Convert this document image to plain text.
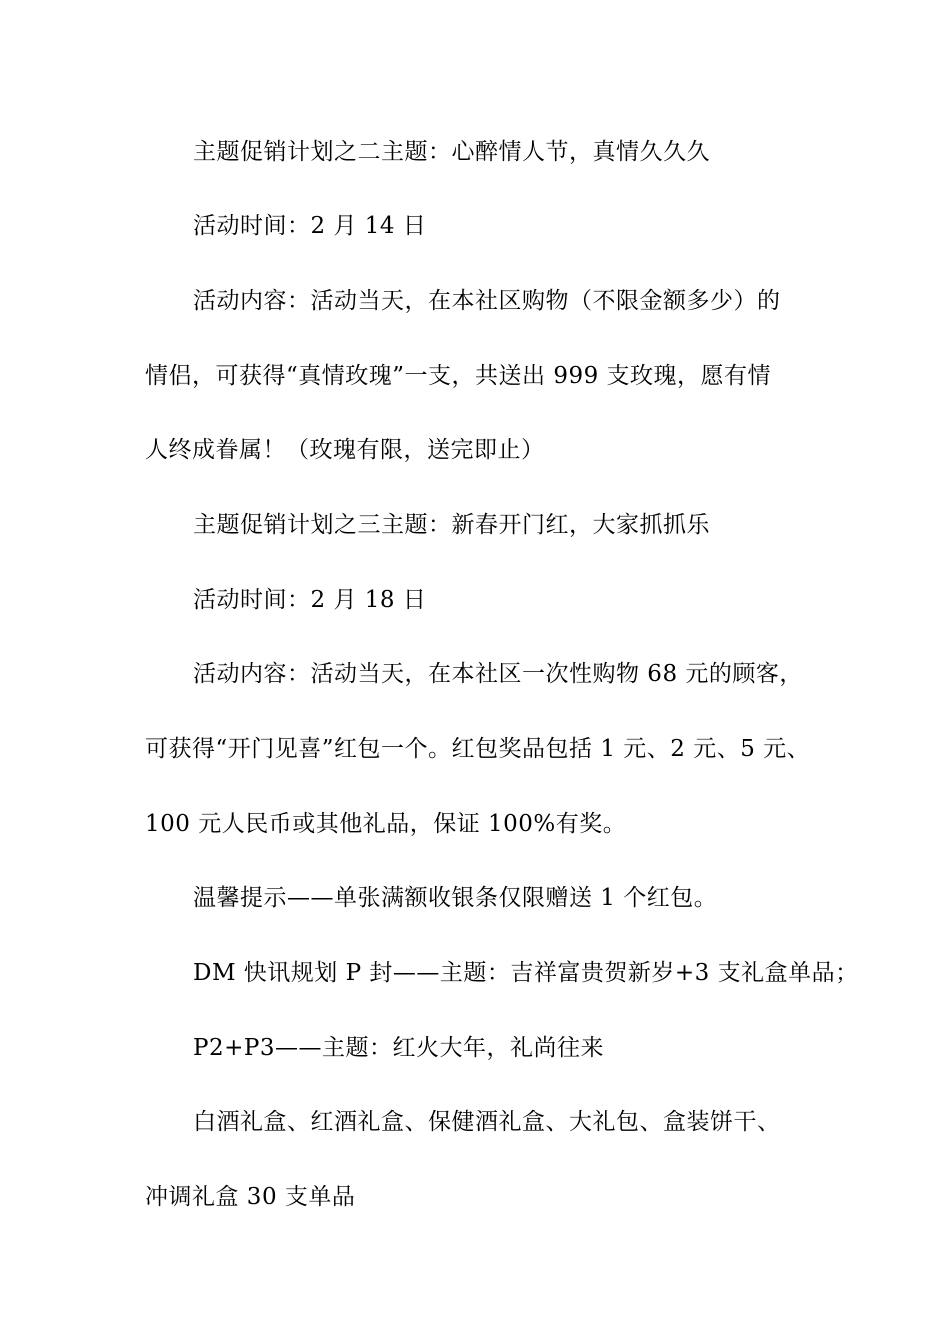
主题促销计划之二主题：心醉情人节，真情久久久
活动时间：2 月 14 日
活动内容：活动当天，在本社区购物（不限金额多少）的
情侣，可获得“真情玫瑰”一支，共送出 999 支玫瑰，愿有情
人终成眷属！（玫瑰有限，送完即止）
主题促销计划之三主题：新春开门红，大家抓抓乐
活动时间：2 月 18 日
活动内容：活动当天，在本社区一次性购物 68 元的顾客，
可获得“开门见喜”红包一个。红包奖品包括 1 元、2 元、5 元、
100 元人民币或其他礼品，保证 100%有奖。
温馨提示——单张满额收银条仅限赠送 1 个红包。
DM 快讯规划 P 封——主题：吉祥富贵贺新岁+3 支礼盒单品；
P2+P3——主题：红火大年，礼尚往来
白酒礼盒、红酒礼盒、保健酒礼盒、大礼包、盒装饼干、
冲调礼盒 30 支单品
